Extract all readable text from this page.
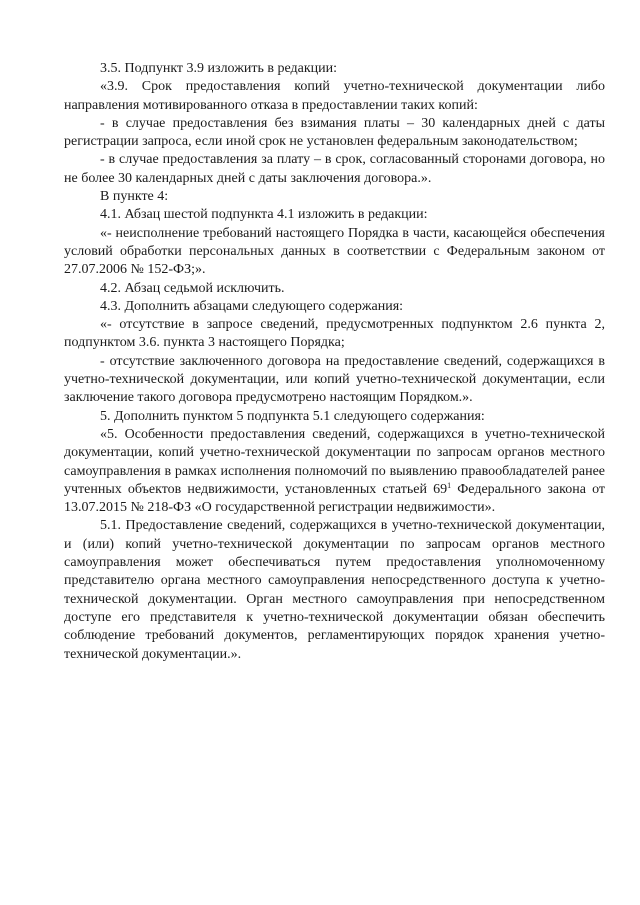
3.5. Подпункт 3.9 изложить в редакции:

«3.9. Срок предоставления копий учетно-технической документации либо направления мотивированного отказа в предоставлении таких копий:

- в случае предоставления без взимания платы – 30 календарных дней с даты регистрации запроса, если иной срок не установлен федеральным законодательством;

- в случае предоставления за плату – в срок, согласованный сторонами договора, но не более 30 календарных дней с даты заключения договора.».

В пункте 4:

4.1. Абзац шестой подпункта 4.1 изложить в редакции:

«- неисполнение требований настоящего Порядка в части, касающейся обеспечения условий обработки персональных данных в соответствии с Федеральным законом от 27.07.2006 № 152-ФЗ;».

4.2. Абзац седьмой исключить.

4.3. Дополнить абзацами следующего содержания:

«- отсутствие в запросе сведений, предусмотренных подпунктом 2.6 пункта 2, подпунктом 3.6. пункта 3 настоящего Порядка;

- отсутствие заключенного договора на предоставление сведений, содержащихся в учетно-технической документации, или копий учетно-технической документации, если заключение такого договора предусмотрено настоящим Порядком.».

5. Дополнить пунктом 5 подпункта 5.1 следующего содержания:

«5. Особенности предоставления сведений, содержащихся в учетно-технической документации, копий учетно-технической документации по запросам органов местного самоуправления в рамках исполнения полномочий по выявлению правообладателей ранее учтенных объектов недвижимости, установленных статьей $69^1$ Федерального закона от 13.07.2015 № 218-ФЗ «О государственной регистрации недвижимости».

5.1. Предоставление сведений, содержащихся в учетно-технической документации, и (или) копий учетно-технической документации по запросам органов местного самоуправления может обеспечиваться путем предоставления уполномоченному представителю органа местного самоуправления непосредственного доступа к учетно-технической документации. Орган местного самоуправления при непосредственном доступе его представителя к учетно-технической документации обязан обеспечить соблюдение требований документов, регламентирующих порядок хранения учетно-технической документации.».
